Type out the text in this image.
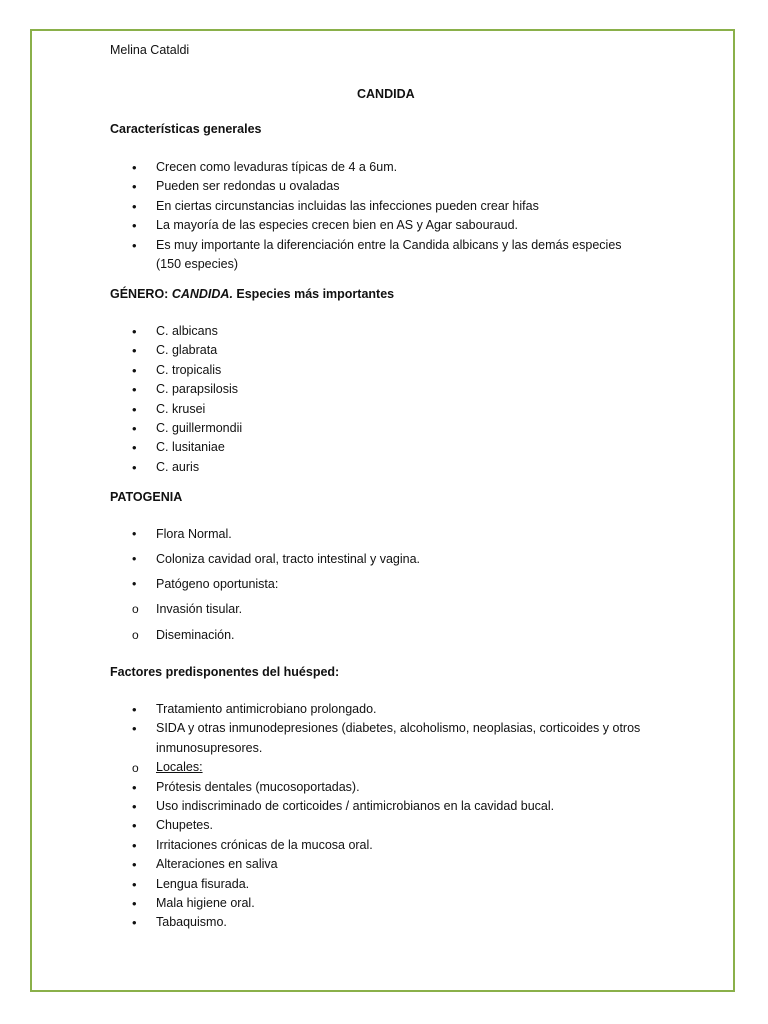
Melina Cataldi
CANDIDA
Características generales
•
Crecen como levaduras típicas de 4 a 6um.
•
Pueden ser redondas u ovaladas
•
En ciertas circunstancias incluidas las infecciones pueden crear hifas
•
La mayoría de las especies crecen bien en AS y Agar sabouraud.
•
Es muy importante la diferenciación entre la Candida albicans y las demás especies
(150 especies)
GÉNERO: CANDIDA. Especies más importantes
•
C. albicans
•
C. glabrata
•
C. tropicalis
•
C. parapsilosis
•
C. krusei
•
C. guillermondii
•
C. lusitaniae
•
C. auris
PATOGENIA
•
Flora Normal.
•
Coloniza cavidad oral, tracto intestinal y vagina.
•
Patógeno oportunista:
o
Invasión tisular.
o
Diseminación.
Factores predisponentes del huésped:
•
Tratamiento antimicrobiano prolongado.
•
SIDA y otras inmunodepresiones (diabetes, alcoholismo, neoplasias, corticoides y otros
inmunosupresores.
o
Locales:
•
Prótesis dentales (mucosoportadas).
•
Uso indiscriminado de corticoides / antimicrobianos en la cavidad bucal.
•
Chupetes.
•
Irritaciones crónicas de la mucosa oral.
•
Alteraciones en saliva
•
Lengua fisurada.
•
Mala higiene oral.
•
Tabaquismo.
